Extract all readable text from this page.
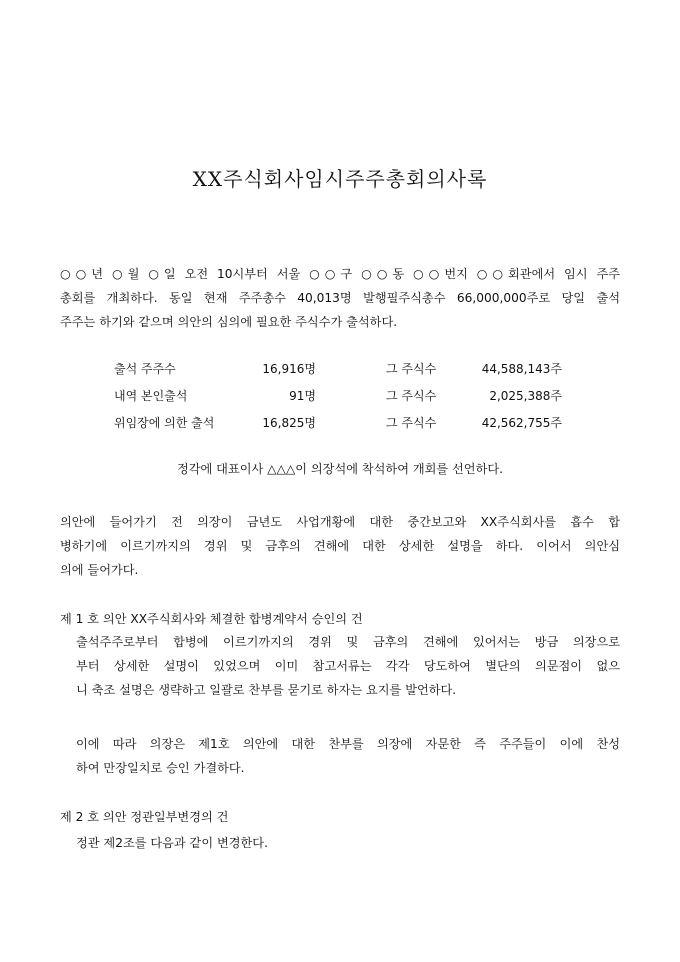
XX주식회사임시주주총회의사록
○○년 ○월 ○일 오전 10시부터 서울 ○○구 ○○동 ○○번지 ○○회관에서 임시 주주
총회를 개최하다. 동일 현재 주주총수 40,013명 발행필주식총수 66,000,000주로 당일 출석
주주는 하기와 같으며 의안의 심의에 필요한 주식수가 출석하다.
출석 주주수	16,916명	그 주식수	44,588,143주
내역 본인출석	91명	그 주식수	2,025,388주
위임장에 의한 출석	16,825명	그 주식수	42,562,755주
정각에 대표이사 △△△이 의장석에 착석하여 개회를 선언하다.
의안에 들어가기 전 의장이 금년도 사업개황에 대한 중간보고와 XX주식회사를 흡수 합
병하기에 이르기까지의 경위 및 금후의 견해에 대한 상세한 설명을 하다. 이어서 의안심
의에 들어가다.
제 1 호 의안 XX주식회사와 체결한 합병계약서 승인의 건
출석주주로부터 합병에 이르기까지의 경위 및 금후의 견해에 있어서는 방금 의장으로
부터 상세한 설명이 있었으며 이미 참고서류는 각각 당도하여 별단의 의문점이 없으
니 축조 설명은 생략하고 일괄로 찬부를 묻기로 하자는 요지를 발언하다.
이에 따라 의장은 제1호 의안에 대한 찬부를 의장에 자문한 즉 주주들이 이에 찬성
하여 만장일치로 승인 가결하다.
제 2 호 의안 정관일부변경의 건
정관 제2조를 다음과 같이 변경한다.
